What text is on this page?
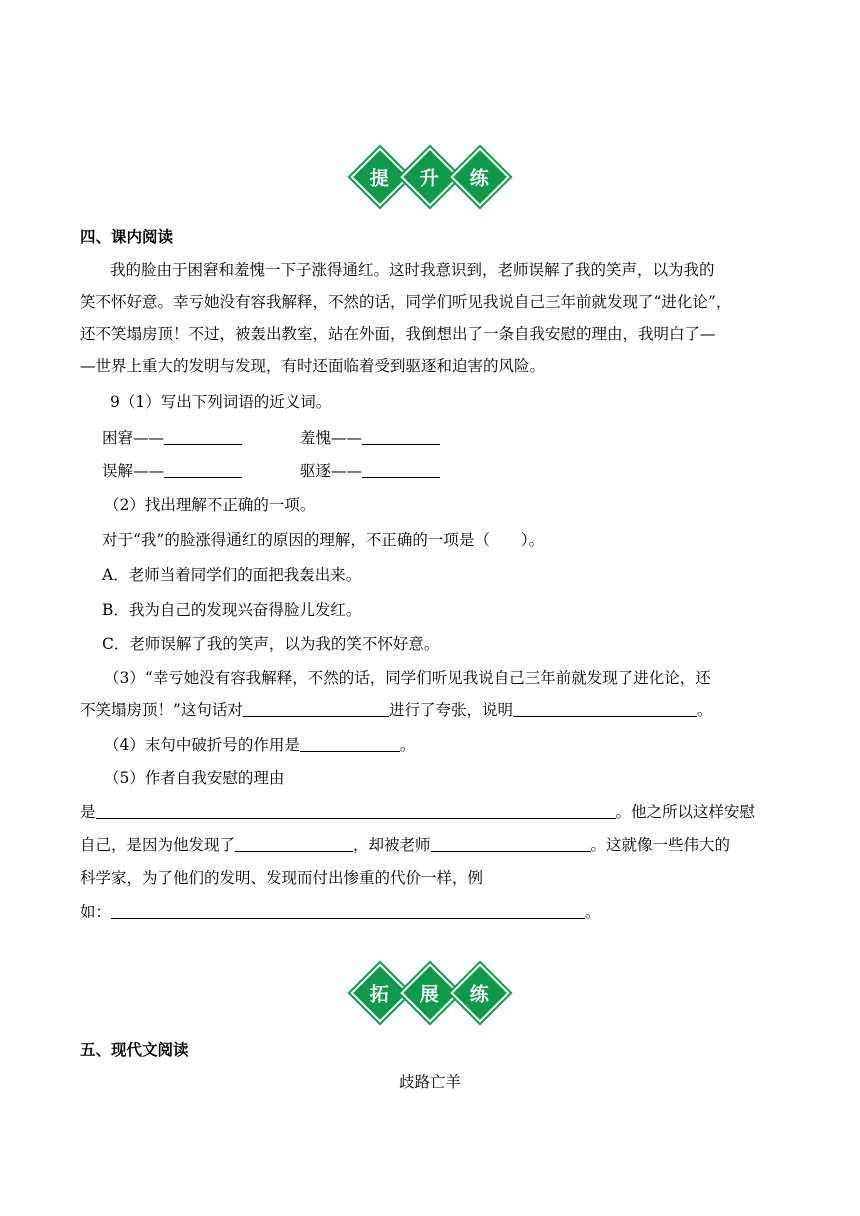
提 升 练
四、课内阅读
我的脸由于困窘和羞愧一下子涨得通红。这时我意识到，老师误解了我的笑声，以为我的
笑不怀好意。幸亏她没有容我解释，不然的话，同学们听见我说自己三年前就发现了“进化论”，
还不笑塌房顶！不过，被轰出教室，站在外面，我倒想出了一条自我安慰的理由，我明白了—
—世界上重大的发明与发现，有时还面临着受到驱逐和迫害的风险。
9（1）写出下列词语的近义词。
困窘——	羞愧——
误解——	驱逐——
（2）找出理解不正确的一项。
对于“我”的脸涨得通红的原因的理解，不正确的一项是（　　）。
A．老师当着同学们的面把我轰出来。
B．我为自己的发现兴奋得脸儿发红。
C．老师误解了我的笑声，以为我的笑不怀好意。
（3）“幸亏她没有容我解释，不然的话，同学们听见我说自己三年前就发现了进化论，还
不笑塌房顶！”这句话对	进行了夸张，说明	。
（4）末句中破折号的作用是	。
（5）作者自我安慰的理由
是	。他之所以这样安慰
自己，是因为他发现了	，却被老师	。这就像一些伟大的
科学家，为了他们的发明、发现而付出惨重的代价一样，例
如：	。
拓 展 练
五、现代文阅读
歧路亡羊
